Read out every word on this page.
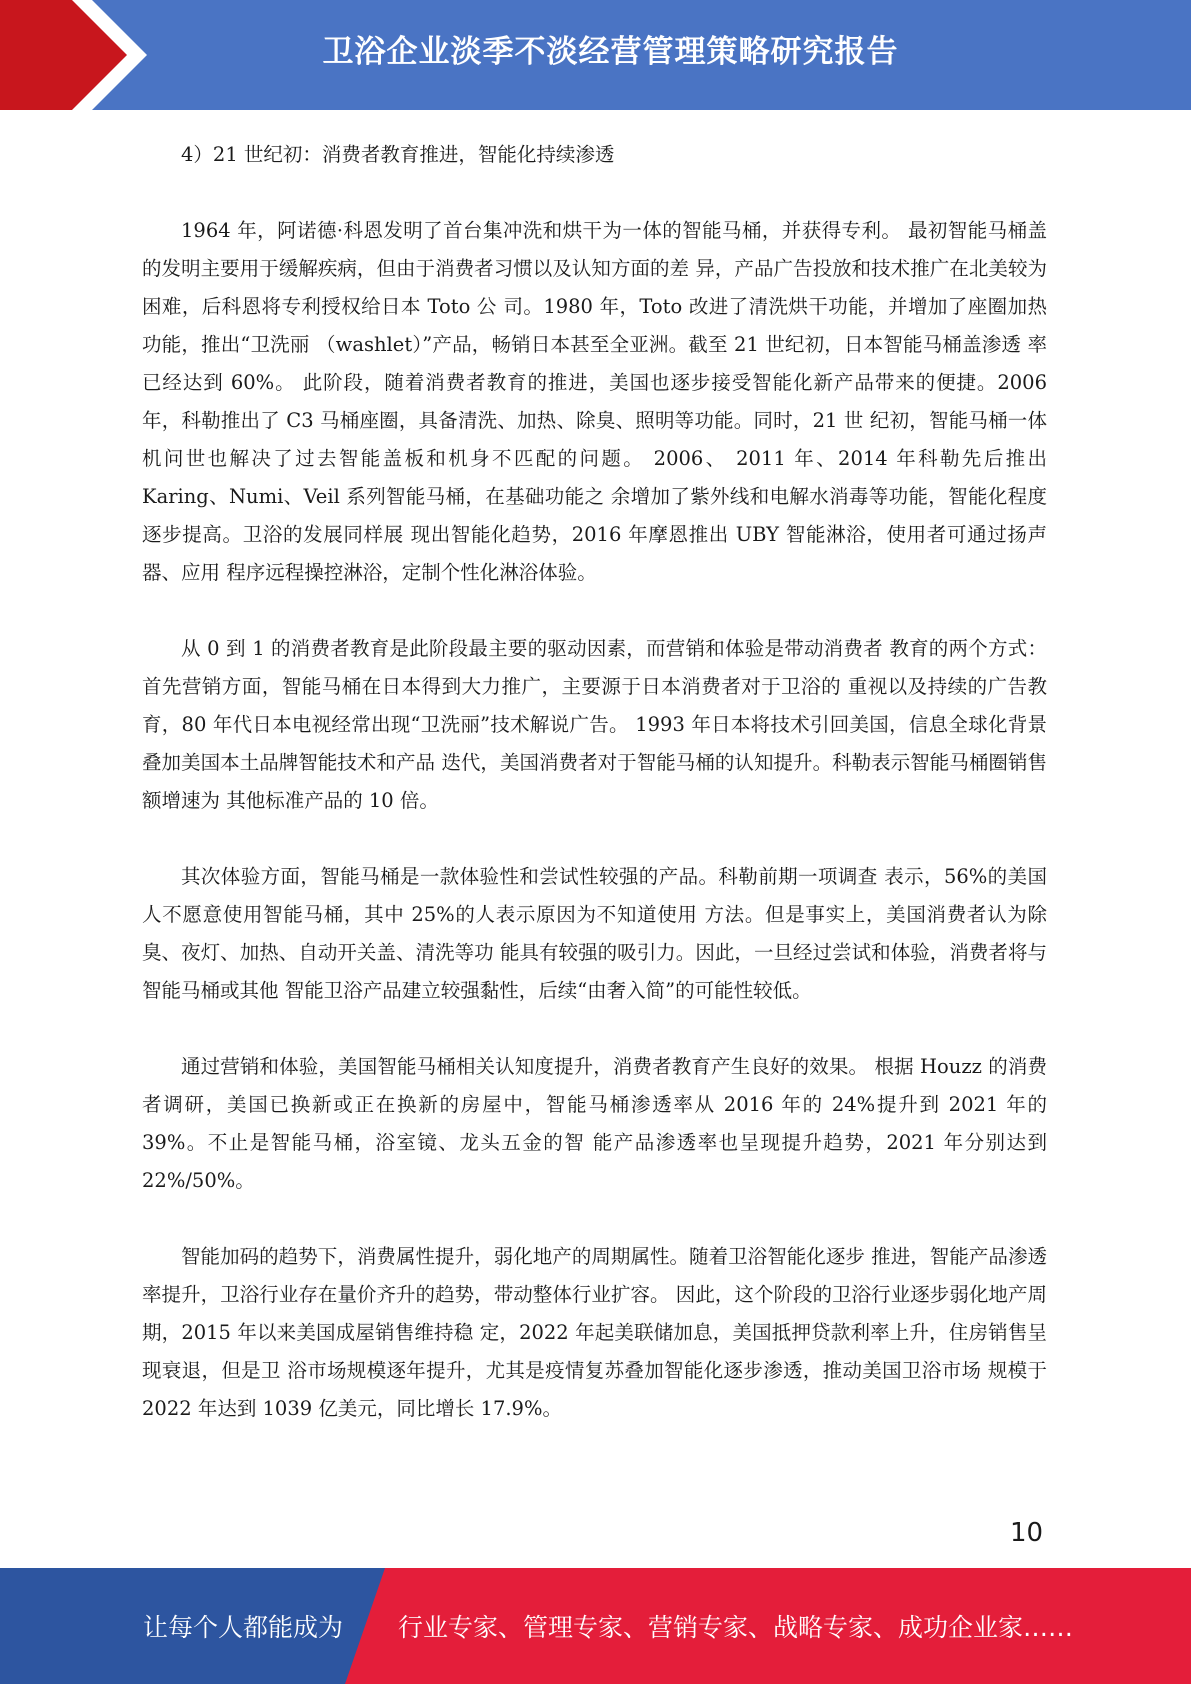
卫浴企业淡季不淡经营管理策略研究报告

4）21 世纪初：消费者教育推进，智能化持续渗透

1964 年，阿诺德·科恩发明了首台集冲洗和烘干为一体的智能马桶，并获得专利。 最初智能马桶盖的发明主要用于缓解疾病，但由于消费者习惯以及认知方面的差 异，产品广告投放和技术推广在北美较为困难，后科恩将专利授权给日本 Toto 公 司。1980 年，Toto 改进了清洗烘干功能，并增加了座圈加热功能，推出“卫洗丽 （washlet）”产品，畅销日本甚至全亚洲。截至 21 世纪初，日本智能马桶盖渗透 率已经达到 60%。 此阶段，随着消费者教育的推进，美国也逐步接受智能化新产品带来的便捷。2006 年，科勒推出了 C3 马桶座圈，具备清洗、加热、除臭、照明等功能。同时，21 世 纪初，智能马桶一体机问世也解决了过去智能盖板和机身不匹配的问题。 2006、 2011 年、2014 年科勒先后推出 Karing、Numi、Veil 系列智能马桶，在基础功能之 余增加了紫外线和电解水消毒等功能，智能化程度逐步提高。卫浴的发展同样展 现出智能化趋势，2016 年摩恩推出 UBY 智能淋浴，使用者可通过扬声器、应用 程序远程操控淋浴，定制个性化淋浴体验。

从 0 到 1 的消费者教育是此阶段最主要的驱动因素，而营销和体验是带动消费者 教育的两个方式： 首先营销方面，智能马桶在日本得到大力推广，主要源于日本消费者对于卫浴的 重视以及持续的广告教育，80 年代日本电视经常出现“卫洗丽”技术解说广告。 1993 年日本将技术引回美国，信息全球化背景叠加美国本土品牌智能技术和产品 迭代，美国消费者对于智能马桶的认知提升。科勒表示智能马桶圈销售额增速为 其他标准产品的 10 倍。

其次体验方面，智能马桶是一款体验性和尝试性较强的产品。科勒前期一项调查 表示，56%的美国人不愿意使用智能马桶，其中 25%的人表示原因为不知道使用 方法。但是事实上，美国消费者认为除臭、夜灯、加热、自动开关盖、清洗等功 能具有较强的吸引力。因此，一旦经过尝试和体验，消费者将与智能马桶或其他 智能卫浴产品建立较强黏性，后续“由奢入简”的可能性较低。

通过营销和体验，美国智能马桶相关认知度提升，消费者教育产生良好的效果。 根据 Houzz 的消费者调研，美国已换新或正在换新的房屋中，智能马桶渗透率从 2016 年的 24%提升到 2021 年的 39%。不止是智能马桶，浴室镜、龙头五金的智 能产品渗透率也呈现提升趋势，2021 年分别达到 22%/50%。

智能加码的趋势下，消费属性提升，弱化地产的周期属性。随着卫浴智能化逐步 推进，智能产品渗透率提升，卫浴行业存在量价齐升的趋势，带动整体行业扩容。 因此，这个阶段的卫浴行业逐步弱化地产周期，2015 年以来美国成屋销售维持稳 定，2022 年起美联储加息，美国抵押贷款利率上升，住房销售呈现衰退，但是卫 浴市场规模逐年提升，尤其是疫情复苏叠加智能化逐步渗透，推动美国卫浴市场 规模于 2022 年达到 1039 亿美元，同比增长 17.9%。

10
让每个人都能成为 行业专家、管理专家、营销专家、战略专家、成功企业家……
